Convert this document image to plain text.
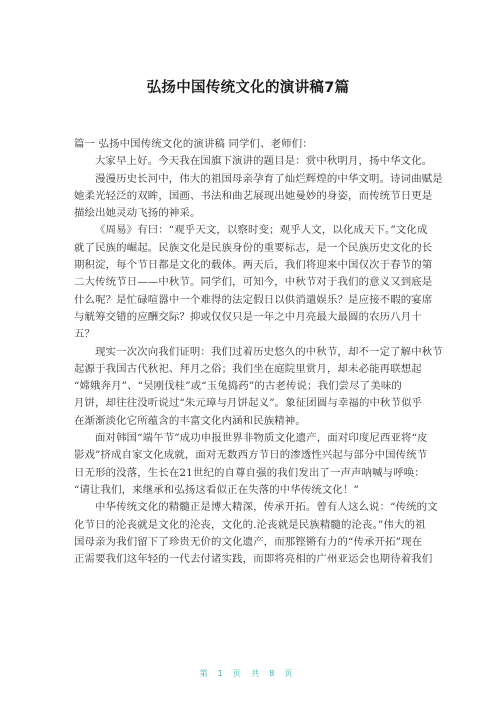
弘扬中国传统文化的演讲稿7篇
篇一 弘扬中国传统文化的演讲稿 同学们、老师们：
大家早上好。今天我在国旗下演讲的题目是：赏中秋明月，扬中华文化。
漫漫历史长河中，伟大的祖国母亲孕育了灿烂辉煌的中华文明。诗词曲赋是
她柔光轻泛的双眸，国画、书法和曲艺展现出她曼妙的身姿，而传统节日更是
描绘出她灵动飞扬的神采。
《周易》有曰：“观乎天文，以察时变；观乎人文，以化成天下。”文化成
就了民族的崛起。民族文化是民族身份的重要标志，是一个民族历史文化的长
期积淀，每个节日都是文化的载体。两天后，我们将迎来中国仅次于春节的第
二大传统节日——中秋节。同学们，可知今，中秋节对于我们的意义又到底是
什么呢？是忙碌喧嚣中一个难得的法定假日以供消遣娱乐？是应接不暇的宴席
与觥筹交错的应酬交际？抑或仅仅只是一年之中月亮最大最圆的农历八月十
五？
现实一次次向我们证明：我们过着历史悠久的中秋节，却不一定了解中秋节
起源于我国古代秋祀、拜月之俗；我们坐在庭院里赏月，却未必能再联想起
“嫦娥奔月”、“吴刚伐桂”或“玉兔捣药”的古老传说；我们尝尽了美味的
月饼，却往往没听说过“朱元璋与月饼起义”。象征团圆与幸福的中秋节似乎
在渐渐淡化它所蕴含的丰富文化内涵和民族精神。
面对韩国“端午节”成功申报世界非物质文化遗产，面对印度尼西亚将“皮
影戏”挤成自家文化成就，面对无数西方节日的渗透性兴起与部分中国传统节
日无形的没落，生长在21世纪的自尊自强的我们发出了一声声呐喊与呼唤：
“请让我们，来继承和弘扬这看似正在失落的中华传统文化！”
中华传统文化的精髓正是博大精深，传承开拓。曾有人这么说：“传统的文
化节日的沦丧就是文化的沦丧，文化的.沦丧就是民族精髓的沦丧。”伟大的祖
国母亲为我们留下了珍贵无价的文化遗产，而那铿锵有力的“传承开拓”现在
正需要我们这年轻的一代去付诸实践，而即将亮相的广州亚运会也期待着我们
第 1 页 共 8 页
